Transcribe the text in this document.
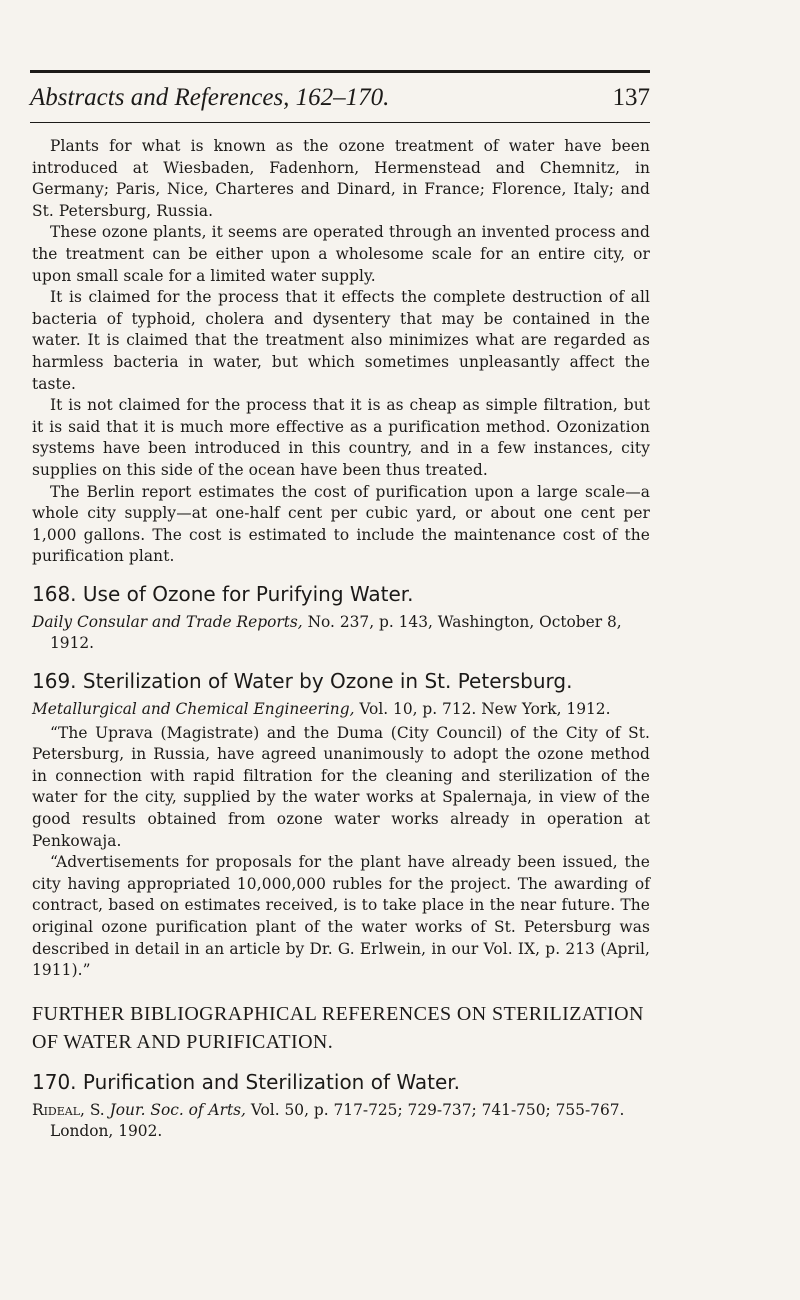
Abstracts and References, 162–170.	137

Plants for what is known as the ozone treatment of water have been introduced at Wiesbaden, Fadenhorn, Hermenstead and Chemnitz, in Germany; Paris, Nice, Charteres and Dinard, in France; Florence, Italy; and St. Petersburg, Russia.

These ozone plants, it seems are operated through an invented process and the treatment can be either upon a wholesome scale for an entire city, or upon small scale for a limited water supply.

It is claimed for the process that it effects the complete destruction of all bacteria of typhoid, cholera and dysentery that may be contained in the water. It is claimed that the treatment also minimizes what are regarded as harmless bacteria in water, but which sometimes unpleasantly affect the taste.

It is not claimed for the process that it is as cheap as simple filtration, but it is said that it is much more effective as a purification method. Ozonization systems have been introduced in this country, and in a few instances, city supplies on this side of the ocean have been thus treated.

The Berlin report estimates the cost of purification upon a large scale—a whole city supply—at one-half cent per cubic yard, or about one cent per 1,000 gallons. The cost is estimated to include the maintenance cost of the purification plant.

168. Use of Ozone for Purifying Water.

Daily Consular and Trade Reports, No. 237, p. 143, Washington, October 8, 1912.

169. Sterilization of Water by Ozone in St. Petersburg.

Metallurgical and Chemical Engineering, Vol. 10, p. 712. New York, 1912.

“The Uprava (Magistrate) and the Duma (City Council) of the City of St. Petersburg, in Russia, have agreed unanimously to adopt the ozone method in connection with rapid filtration for the cleaning and sterilization of the water for the city, supplied by the water works at Spalernaja, in view of the good results obtained from ozone water works already in operation at Penkowaja.

“Advertisements for proposals for the plant have already been issued, the city having appropriated 10,000,000 rubles for the project. The awarding of contract, based on estimates received, is to take place in the near future. The original ozone purification plant of the water works of St. Petersburg was described in detail in an article by Dr. G. Erlwein, in our Vol. IX, p. 213 (April, 1911).”

FURTHER BIBLIOGRAPHICAL REFERENCES ON STERILIZATION OF WATER AND PURIFICATION.
170. Purification and Sterilization of Water.

Rideal, S. Jour. Soc. of Arts, Vol. 50, p. 717-725; 729-737; 741-750; 755-767. London, 1902.
